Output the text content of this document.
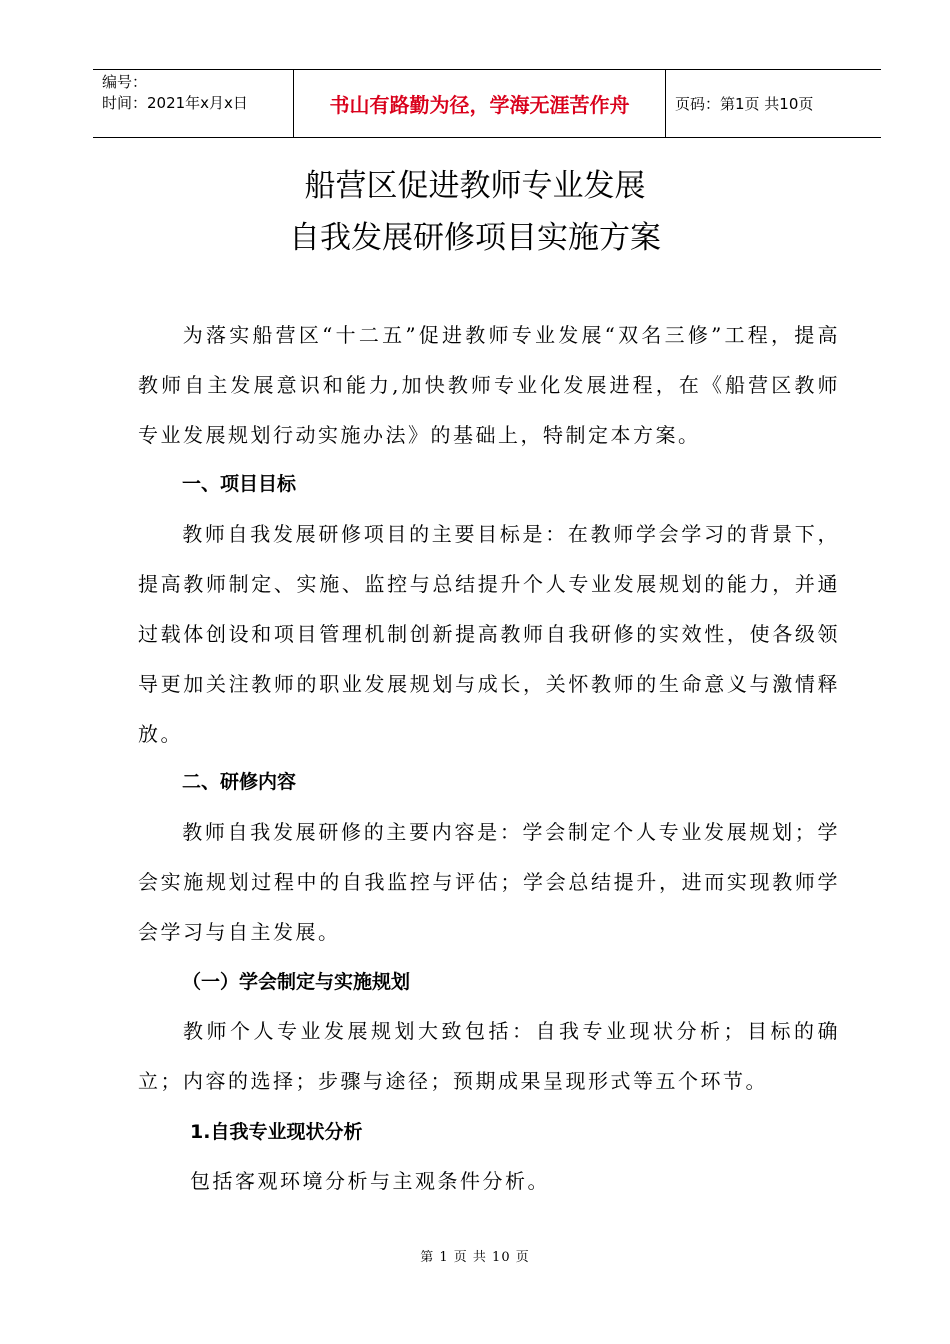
编号：
时间：2021年x月x日	书山有路勤为径，学海无涯苦作舟	页码：第1页 共10页
船营区促进教师专业发展
自我发展研修项目实施方案

为落实船营区“十二五”促进教师专业发展“双名三修”工程，提高教师自主发展意识和能力,加快教师专业化发展进程，在《船营区教师专业发展规划行动实施办法》的基础上，特制定本方案。

一、项目目标

教师自我发展研修项目的主要目标是：在教师学会学习的背景下，提高教师制定、实施、监控与总结提升个人专业发展规划的能力，并通过载体创设和项目管理机制创新提高教师自我研修的实效性，使各级领导更加关注教师的职业发展规划与成长，关怀教师的生命意义与激情释放。

二、研修内容

教师自我发展研修的主要内容是：学会制定个人专业发展规划；学会实施规划过程中的自我监控与评估；学会总结提升，进而实现教师学会学习与自主发展。

（一）学会制定与实施规划

教师个人专业发展规划大致包括：自我专业现状分析；目标的确立；内容的选择；步骤与途径；预期成果呈现形式等五个环节。

1.自我专业现状分析

包括客观环境分析与主观条件分析。

第 1 页 共 10 页
